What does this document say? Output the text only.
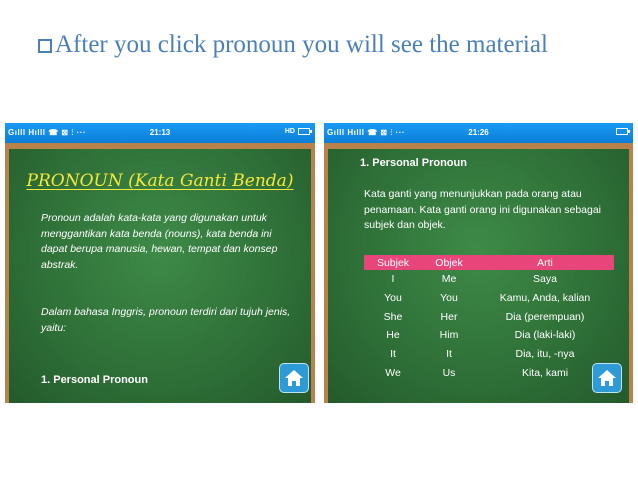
After you click pronoun you will see the material
Gılll Hılll ☎ ⊠ ⫶ ···	21:13	HD
PRONOUN (Kata Ganti Benda)
Pronoun adalah kata-kata yang digunakan untuk menggantikan kata benda (nouns), kata benda ini dapat berupa manusia, hewan, tempat dan konsep abstrak.
Dalam bahasa Inggris, pronoun terdiri dari tujuh jenis, yaitu:
1. Personal Pronoun
Gılll Hılll ☎ ⊠ ⫶ ···	21:26
1. Personal Pronoun
Kata ganti yang menunjukkan pada orang atau penamaan. Kata ganti orang ini digunakan sebagai subjek dan objek.
Subjek	Objek	Arti
I	Me	Saya
You	You	Kamu, Anda, kalian
She	Her	Dia (perempuan)
He	Him	Dia (laki-laki)
It	It	Dia, itu, -nya
We	Us	Kita, kami
